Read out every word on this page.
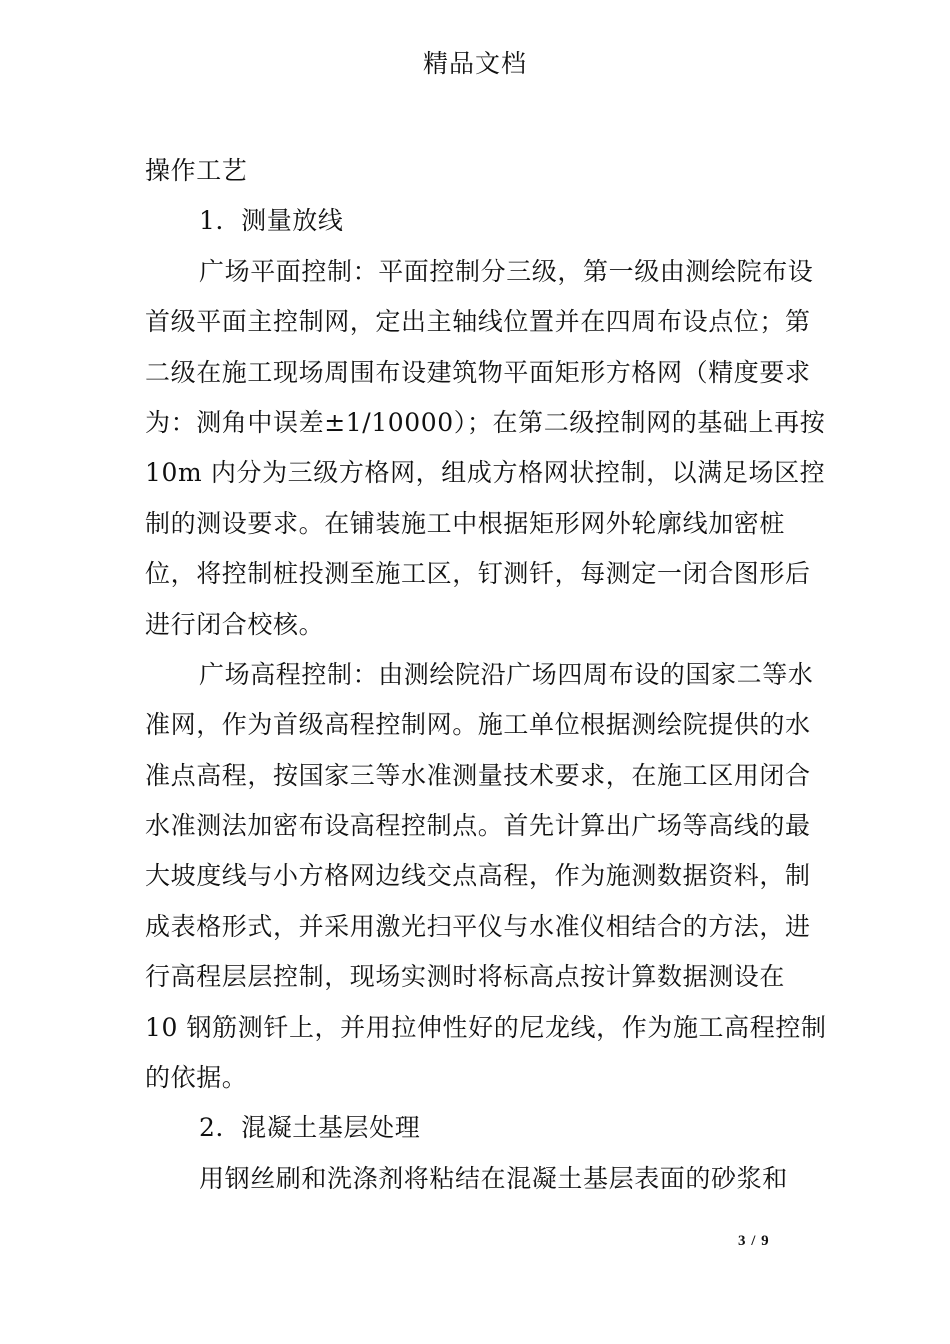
精品文档
操作工艺
1．测量放线
广场平面控制：平面控制分三级，第一级由测绘院布设
首级平面主控制网，定出主轴线位置并在四周布设点位；第
二级在施工现场周围布设建筑物平面矩形方格网（精度要求
为：测角中误差±1/10000）；在第二级控制网的基础上再按
10m 内分为三级方格网，组成方格网状控制，以满足场区控
制的测设要求。在铺装施工中根据矩形网外轮廓线加密桩
位，将控制桩投测至施工区，钉测钎，每测定一闭合图形后
进行闭合校核。
广场高程控制：由测绘院沿广场四周布设的国家二等水
准网，作为首级高程控制网。施工单位根据测绘院提供的水
准点高程，按国家三等水准测量技术要求，在施工区用闭合
水准测法加密布设高程控制点。首先计算出广场等高线的最
大坡度线与小方格网边线交点高程，作为施测数据资料，制
成表格形式，并采用激光扫平仪与水准仪相结合的方法，进
行高程层层控制，现场实测时将标高点按计算数据测设在
10 钢筋测钎上，并用拉伸性好的尼龙线，作为施工高程控制
的依据。
2．混凝土基层处理
用钢丝刷和洗涤剂将粘结在混凝土基层表面的砂浆和
3 / 9
